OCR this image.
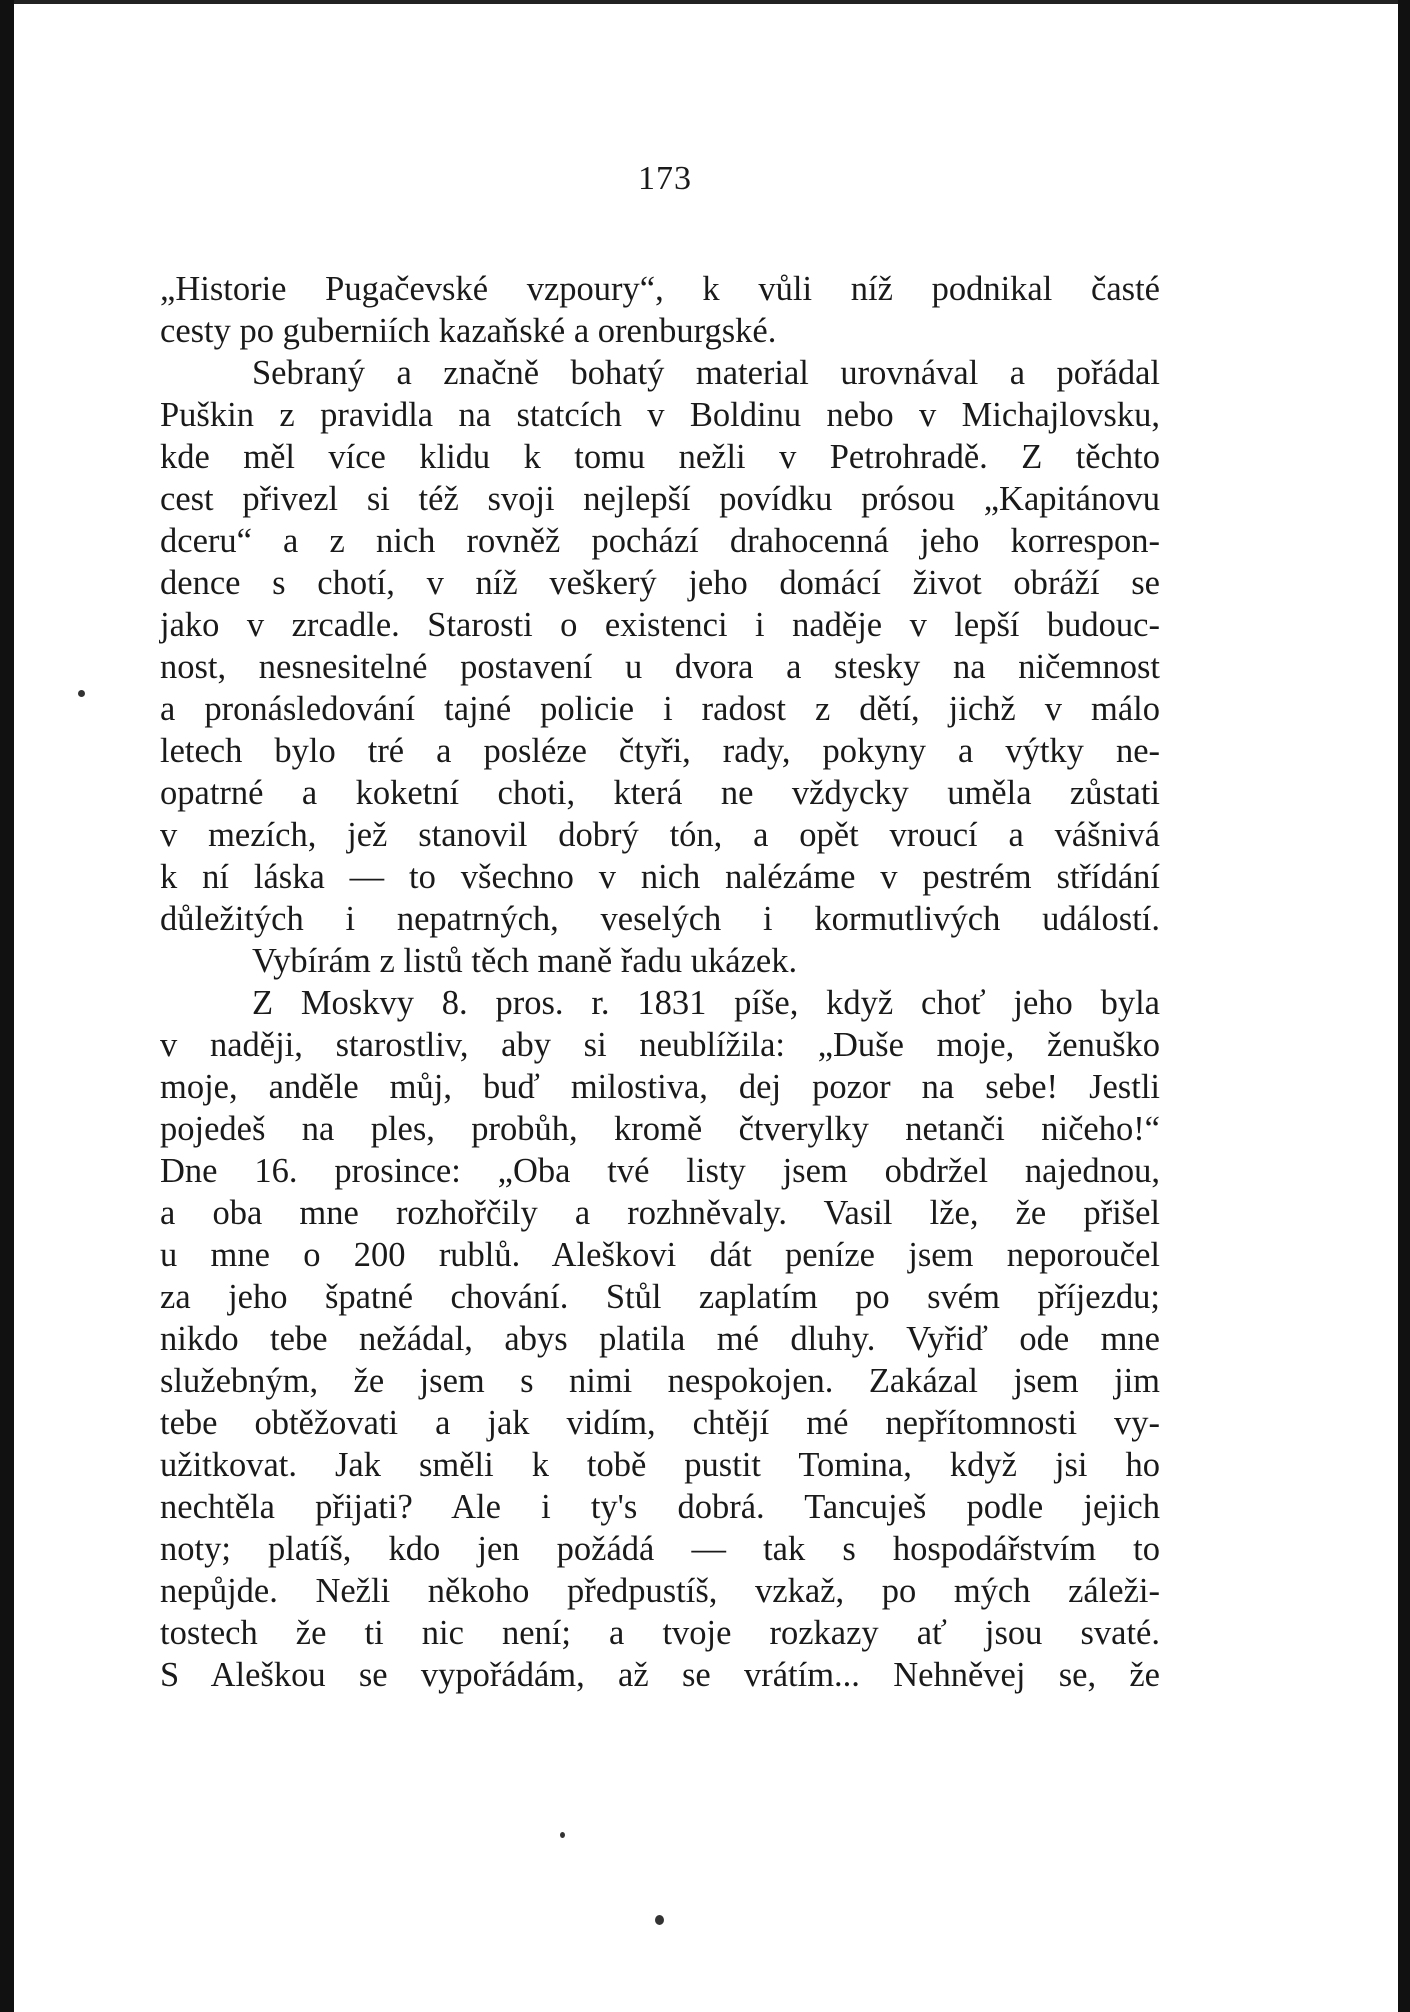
173
„Historie Pugačevské vzpoury“, k vůli níž podnikal časté
cesty po guberniích kazaňské a orenburgské.
Sebraný a značně bohatý material urovnával a pořádal
Puškin z pravidla na statcích v Boldinu nebo v Michajlovsku,
kde měl více klidu k tomu nežli v Petrohradě. Z těchto
cest přivezl si též svoji nejlepší povídku prósou „Kapitánovu
dceru“ a z nich rovněž pochází drahocenná jeho korrespon-
dence s chotí, v níž veškerý jeho domácí život obráží se
jako v zrcadle. Starosti o existenci i naděje v lepší budouc-
nost, nesnesitelné postavení u dvora a stesky na ničemnost
a pronásledování tajné policie i radost z dětí, jichž v málo
letech bylo tré a posléze čtyři, rady, pokyny a výtky ne-
opatrné a koketní choti, která ne vždycky uměla zůstati
v mezích, jež stanovil dobrý tón, a opět vroucí a vášnivá
k ní láska — to všechno v nich nalézáme v pestrém střídání
důležitých i nepatrných, veselých i kormutlivých událostí.
Vybírám z listů těch maně řadu ukázek.
Z Moskvy 8. pros. r. 1831 píše, když choť jeho byla
v naději, starostliv, aby si neublížila: „Duše moje, ženuško
moje, anděle můj, buď milostiva, dej pozor na sebe! Jestli
pojedeš na ples, probůh, kromě čtverylky netanči ničeho!“
Dne 16. prosince: „Oba tvé listy jsem obdržel najednou,
a oba mne rozhořčily a rozhněvaly. Vasil lže, že přišel
u mne o 200 rublů. Aleškovi dát peníze jsem neporoučel
za jeho špatné chování. Stůl zaplatím po svém příjezdu;
nikdo tebe nežádal, abys platila mé dluhy. Vyřiď ode mne
služebným, že jsem s nimi nespokojen. Zakázal jsem jim
tebe obtěžovati a jak vidím, chtějí mé nepřítomnosti vy-
užitkovat. Jak směli k tobě pustit Tomina, když jsi ho
nechtěla přijati? Ale i ty's dobrá. Tancuješ podle jejich
noty; platíš, kdo jen požádá — tak s hospodářstvím to
nepůjde. Nežli někoho předpustíš, vzkaž, po mých záleži-
tostech že ti nic není; a tvoje rozkazy ať jsou svaté.
S Aleškou se vypořádám, až se vrátím... Nehněvej se, že
